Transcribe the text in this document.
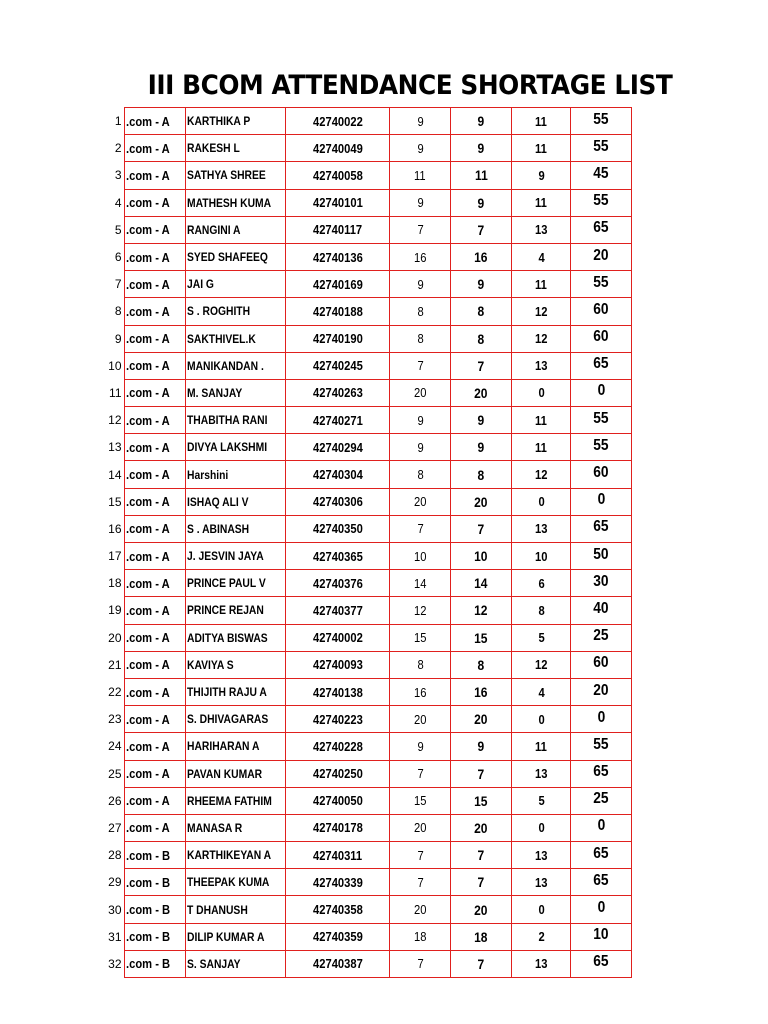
III BCOM ATTENDANCE SHORTAGE LIST
1	.com - A	KARTHIKA P	42740022	9	9	11	55
2	.com - A	RAKESH L	42740049	9	9	11	55
3	.com - A	SATHYA SHREE	42740058	11	11	9	45
4	.com - A	MATHESH KUMA	42740101	9	9	11	55
5	.com - A	RANGINI A	42740117	7	7	13	65
6	.com - A	SYED SHAFEEQ	42740136	16	16	4	20
7	.com - A	JAI G	42740169	9	9	11	55
8	.com - A	S . ROGHITH	42740188	8	8	12	60
9	.com - A	SAKTHIVEL.K	42740190	8	8	12	60
10	.com - A	MANIKANDAN .	42740245	7	7	13	65
11	.com - A	M. SANJAY	42740263	20	20	0	0
12	.com - A	THABITHA RANI	42740271	9	9	11	55
13	.com - A	DIVYA LAKSHMI	42740294	9	9	11	55
14	.com - A	Harshini	42740304	8	8	12	60
15	.com - A	ISHAQ ALI V	42740306	20	20	0	0
16	.com - A	S . ABINASH	42740350	7	7	13	65
17	.com - A	J. JESVIN JAYA	42740365	10	10	10	50
18	.com - A	PRINCE PAUL V	42740376	14	14	6	30
19	.com - A	PRINCE REJAN	42740377	12	12	8	40
20	.com - A	ADITYA BISWAS	42740002	15	15	5	25
21	.com - A	KAVIYA S	42740093	8	8	12	60
22	.com - A	THIJITH RAJU A	42740138	16	16	4	20
23	.com - A	S. DHIVAGARAS	42740223	20	20	0	0
24	.com - A	HARIHARAN A	42740228	9	9	11	55
25	.com - A	PAVAN KUMAR	42740250	7	7	13	65
26	.com - A	RHEEMA FATHIM	42740050	15	15	5	25
27	.com - A	MANASA R	42740178	20	20	0	0
28	.com - B	KARTHIKEYAN A	42740311	7	7	13	65
29	.com - B	THEEPAK KUMA	42740339	7	7	13	65
30	.com - B	T DHANUSH	42740358	20	20	0	0
31	.com - B	DILIP KUMAR A	42740359	18	18	2	10
32	.com - B	S. SANJAY	42740387	7	7	13	65
